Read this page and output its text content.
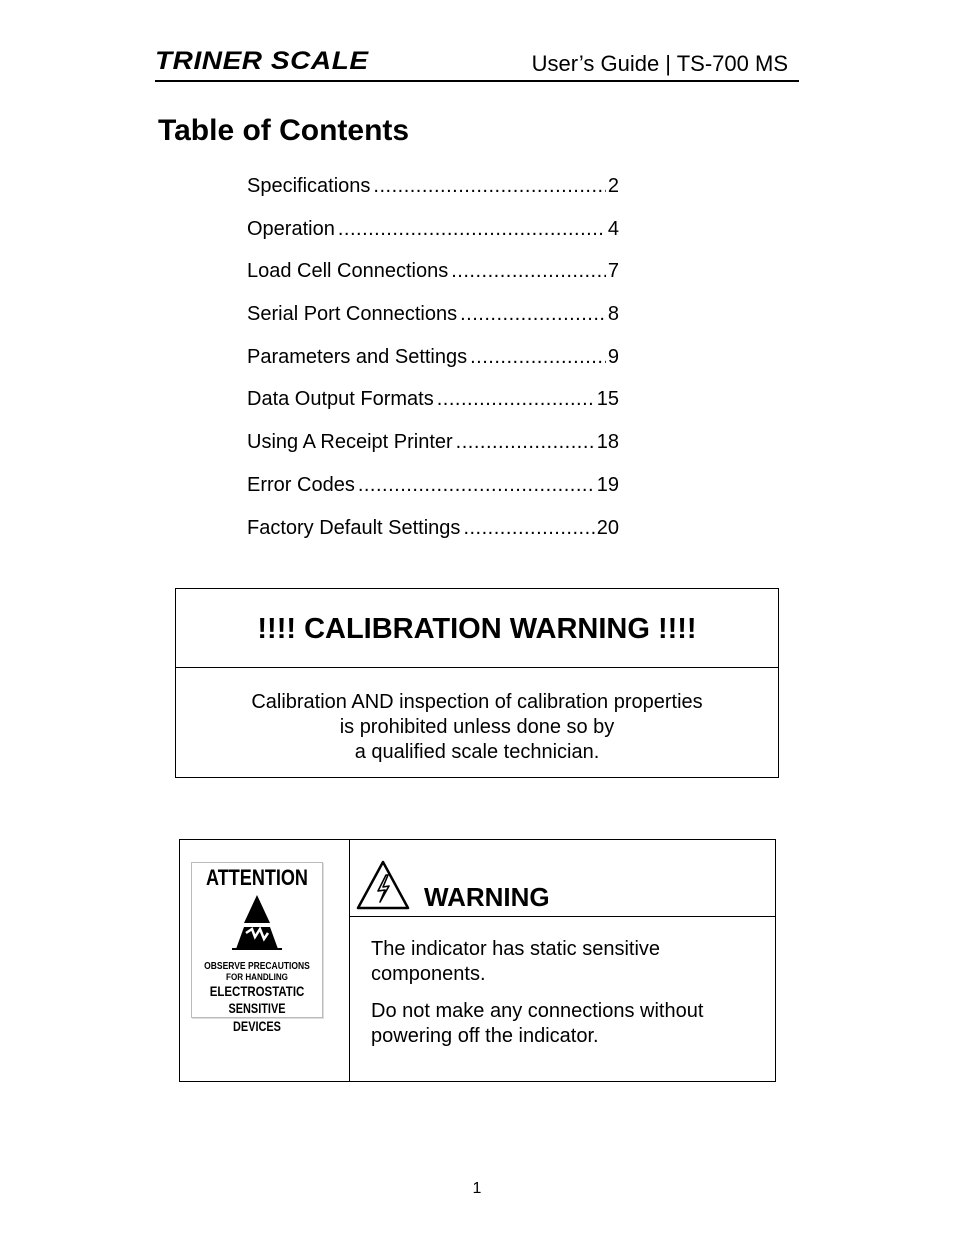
TRINER SCALE	User’s Guide | TS-700 MS
Table of Contents
Specifications .....	2
Operation .....	4
Load Cell Connections .....	7
Serial Port Connections .....	8
Parameters and Settings .....	9
Data Output Formats .....	15
Using A Receipt Printer .....	18
Error Codes .....	19
Factory Default Settings .....	20
!!!! CALIBRATION WARNING !!!!
Calibration AND inspection of calibration properties
is prohibited unless done so by
a qualified scale technician.
ATTENTION
OBSERVE PRECAUTIONS
FOR HANDLING
ELECTROSTATIC
SENSITIVE DEVICES
WARNING

The indicator has static sensitive components.

Do not make any connections without powering off the indicator.

1
